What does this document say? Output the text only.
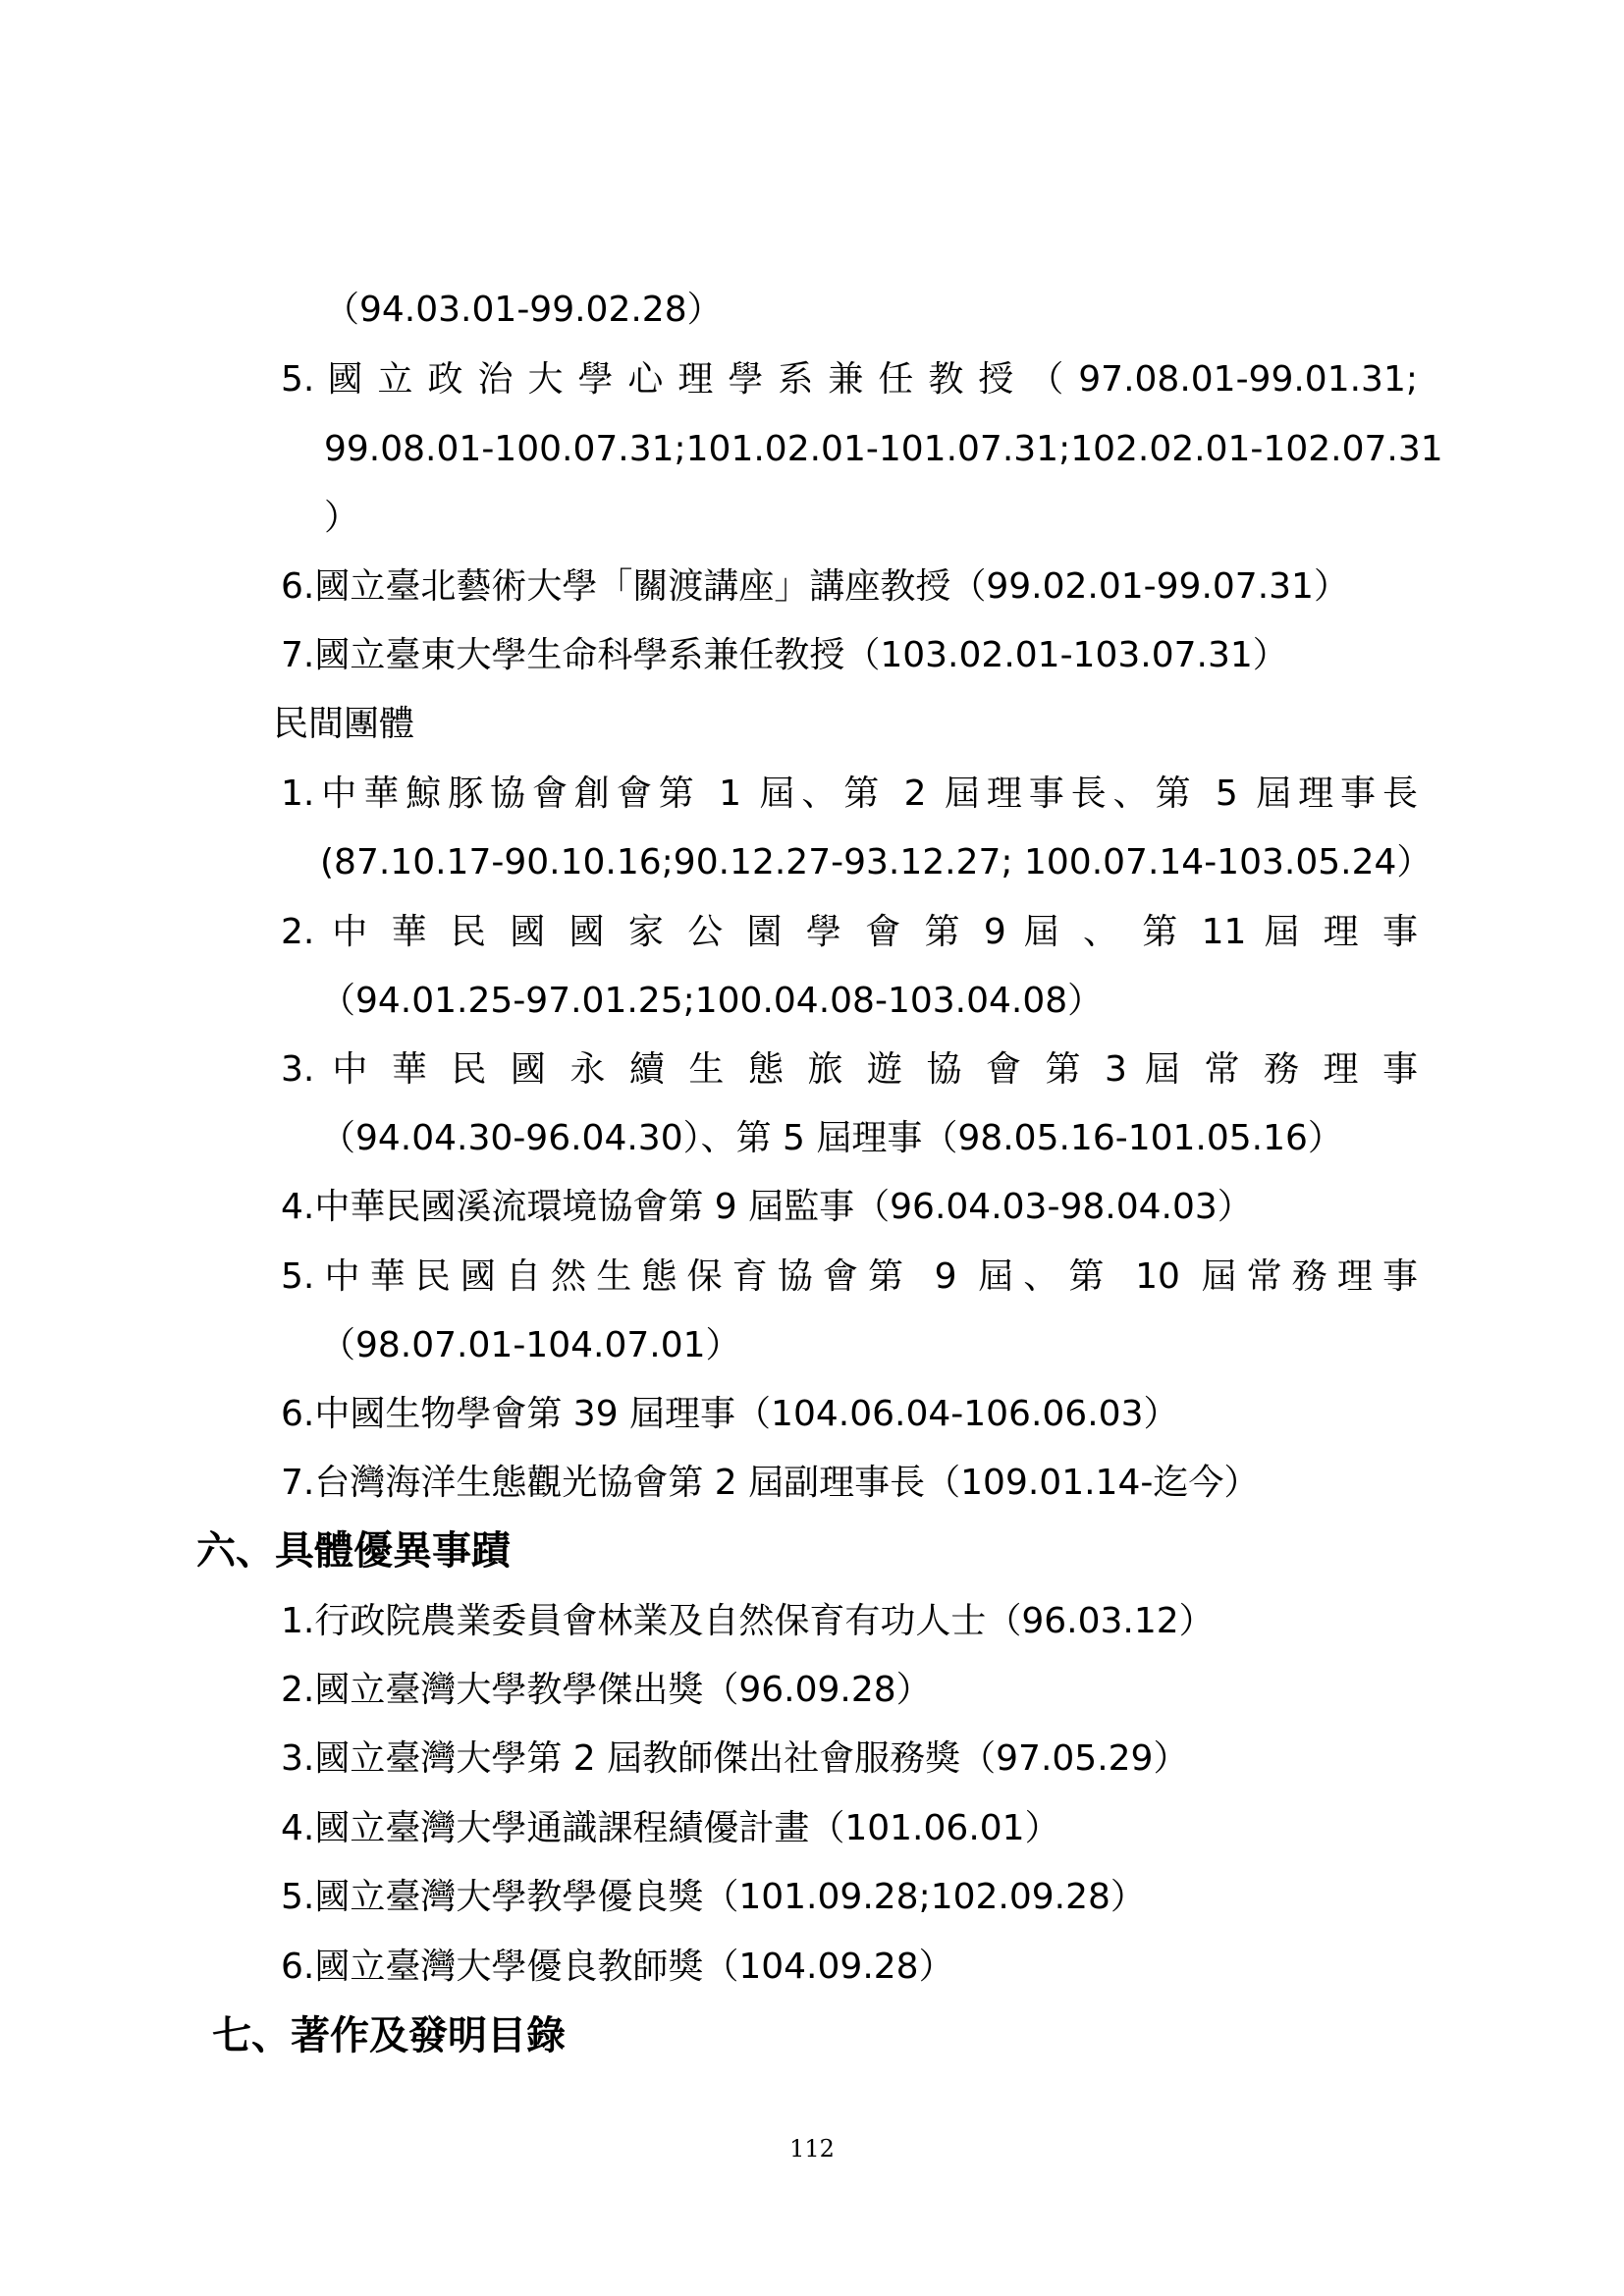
（94.03.01-99.02.28）
5. 國 立 政 治 大 學 心 理 學 系 兼 任 教 授 （ 97.08.01-99.01.31;
99.08.01-100.07.31;101.02.01-101.07.31;102.02.01-102.07.31
）
6.國立臺北藝術大學「關渡講座」講座教授（99.02.01-99.07.31）
7.國立臺東大學生命科學系兼任教授（103.02.01-103.07.31）
民間團體
1.中華鯨豚協會創會第 1 屆、第 2 屆理事長、第 5 屆理事長
(87.10.17-90.10.16;90.12.27-93.12.27; 100.07.14-103.05.24）
2. 中 華 民 國 國 家 公 園 學 會 第 9 屆 、 第 11 屆 理 事
（94.01.25-97.01.25;100.04.08-103.04.08）
3. 中 華 民 國 永 續 生 態 旅 遊 協 會 第 3 屆 常 務 理 事
（94.04.30-96.04.30）、第 5 屆理事（98.05.16-101.05.16）
4.中華民國溪流環境協會第 9 屆監事（96.04.03-98.04.03）
5.中華民國自然生態保育協會第 9 屆、第 10 屆常務理事
（98.07.01-104.07.01）
6.中國生物學會第 39 屆理事（104.06.04-106.06.03）
7.台灣海洋生態觀光協會第 2 屆副理事長（109.01.14-迄今）
六、具體優異事蹟
1.行政院農業委員會林業及自然保育有功人士（96.03.12）
2.國立臺灣大學教學傑出獎（96.09.28）
3.國立臺灣大學第 2 屆教師傑出社會服務獎（97.05.29）
4.國立臺灣大學通識課程績優計畫（101.06.01）
5.國立臺灣大學教學優良獎（101.09.28;102.09.28）
6.國立臺灣大學優良教師獎（104.09.28）
七、著作及發明目錄
112
